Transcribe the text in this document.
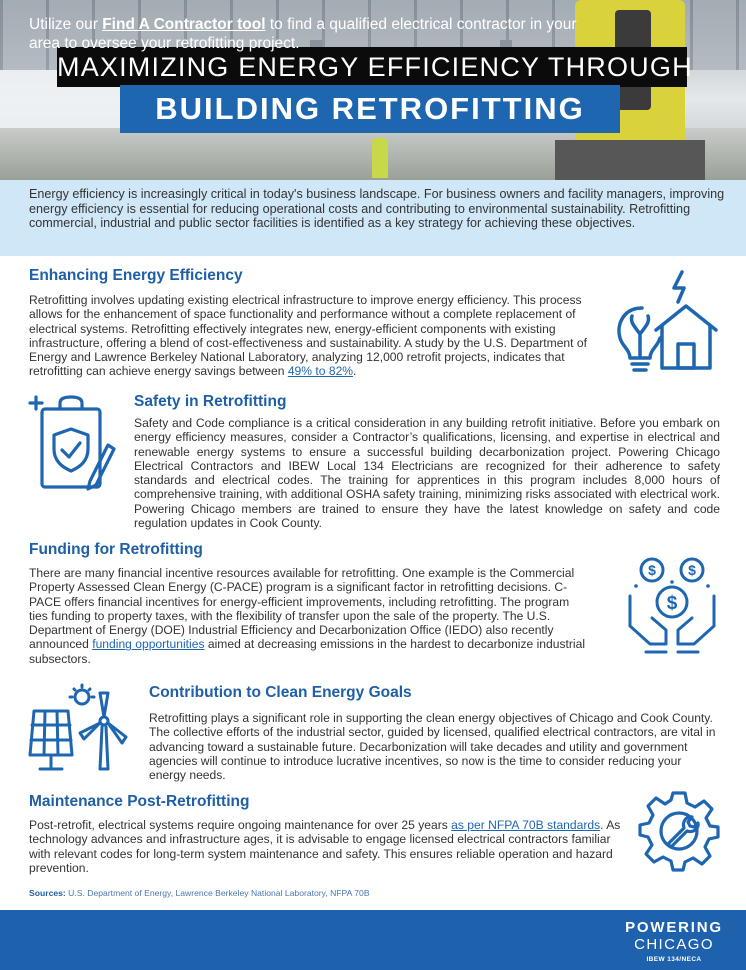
MAXIMIZING ENERGY EFFICIENCY THROUGH
BUILDING RETROFITTING

Energy efficiency is increasingly critical in today's business landscape. For business owners and facility managers, improving energy efficiency is essential for reducing operational costs and contributing to environmental sustainability. Retrofitting commercial, industrial and public sector facilities is identified as a key strategy for achieving these objectives.

Enhancing Energy Efficiency

Retrofitting involves updating existing electrical infrastructure to improve energy efficiency. This process allows for the enhancement of space functionality and performance without a complete replacement of electrical systems. Retrofitting effectively integrates new, energy-efficient components with existing infrastructure, offering a blend of cost-effectiveness and sustainability. A study by the U.S. Department of Energy and Lawrence Berkeley National Laboratory, analyzing 12,000 retrofit projects, indicates that retrofitting can achieve energy savings between 49% to 82%.

Safety in Retrofitting

Safety and Code compliance is a critical consideration in any building retrofit initiative. Before you embark on energy efficiency measures, consider a Contractor’s qualifications, licensing, and expertise in electrical and renewable energy systems to ensure a successful building decarbonization project. Powering Chicago Electrical Contractors and IBEW Local 134 Electricians are recognized for their adherence to safety standards and electrical codes. The training for apprentices in this program includes 8,000 hours of comprehensive training, with additional OSHA safety training, minimizing risks associated with electrical work. Powering Chicago members are trained to ensure they have the latest knowledge on safety and code regulation updates in Cook County.

Funding for Retrofitting

There are many financial incentive resources available for retrofitting. One example is the Commercial Property Assessed Clean Energy (C-PACE) program is a significant factor in retrofitting decisions. C-PACE offers financial incentives for energy-efficient improvements, including retrofitting. The program ties funding to property taxes, with the flexibility of transfer upon the sale of the property. The U.S. Department of Energy (DOE) Industrial Efficiency and Decarbonization Office (IEDO) also recently announced funding opportunities aimed at decreasing emissions in the hardest to decarbonize industrial subsectors.

$ $
$
Contribution to Clean Energy Goals

Retrofitting plays a significant role in supporting the clean energy objectives of Chicago and Cook County. The collective efforts of the industrial sector, guided by licensed, qualified electrical contractors, are vital in advancing toward a sustainable future. Decarbonization will take decades and utility and government agencies will continue to introduce lucrative incentives, so now is the time to consider reducing your energy needs.

Maintenance Post-Retrofitting

Post-retrofit, electrical systems require ongoing maintenance for over 25 years as per NFPA 70B standards. As technology advances and infrastructure ages, it is advisable to engage licensed electrical contractors familiar with relevant codes for long-term system maintenance and safety. This ensures reliable operation and hazard prevention.

Sources: U.S. Department of Energy, Lawrence Berkeley National Laboratory, NFPA 70B
Utilize our Find A Contractor tool to find a qualified electrical contractor in your area to oversee your retrofitting project.
POWERING
CHICAGO
IBEW 134/NECA
